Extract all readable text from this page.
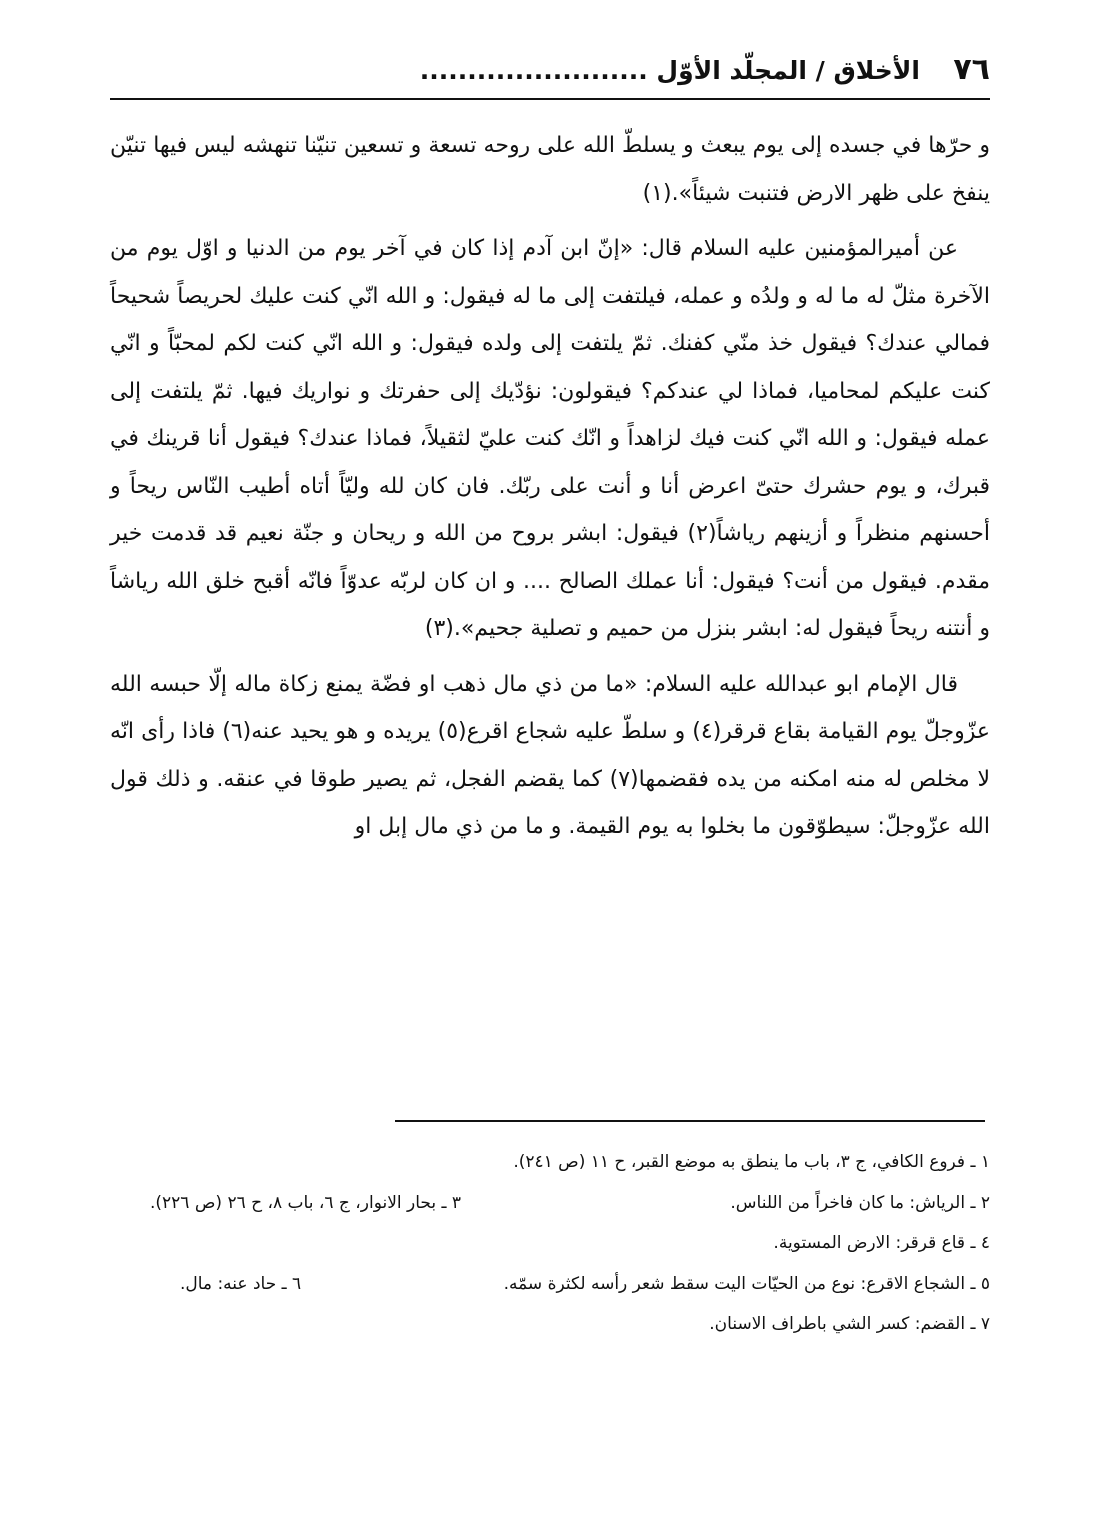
٧٦
الأخلاق / المجلّد الأوّل ........................

و حرّها في جسده إلى يوم يبعث و يسلطّ الله على روحه تسعة و تسعين تنيّنا تنهشه ليس فيها تنيّن ينفخ على ظهر الارض فتنبت شيئاً».(١)

عن أميرالمؤمنين عليه السلام قال: «إنّ ابن آدم إذا كان في آخر يوم من الدنيا و اوّل يوم من الآخرة مثلّ له ما له و ولدُه و عمله، فيلتفت إلى ما له فيقول: و الله انّي كنت عليك لحريصاً شحيحاً فمالي عندك؟ فيقول خذ منّي كفنك. ثمّ يلتفت إلى ولده فيقول: و الله انّي كنت لكم لمحبّاً و انّي كنت عليكم لمحاميا، فماذا لي عندكم؟ فيقولون: نؤدّيك إلى حفرتك و نواريك فيها. ثمّ يلتفت إلى عمله فيقول: و الله انّي كنت فيك لزاهداً و انّك كنت عليّ لثقيلاً، فماذا عندك؟ فيقول أنا قرينك في قبرك، و يوم حشرك حتىّ اعرض أنا و أنت على ربّك. فان كان لله وليّاً أتاه أطيب النّاس ريحاً و أحسنهم منظراً و أزينهم رياشاً(٢) فيقول: ابشر بروح من الله و ريحان و جنّة نعيم قد قدمت خير مقدم. فيقول من أنت؟ فيقول: أنا عملك الصالح .... و ان كان لربّه عدوّاً فانّه أقبح خلق الله رياشاً و أنتنه ريحاً فيقول له: ابشر بنزل من حميم و تصلية جحيم».(٣)

قال الإمام ابو عبدالله عليه السلام: «ما من ذي مال ذهب او فضّة يمنع زكاة ماله إلّا حبسه الله عزّوجلّ يوم القيامة بقاع قرقر(٤) و سلطّ عليه شجاع اقرع(٥) يريده و هو يحيد عنه(٦) فاذا رأى انّه لا مخلص له منه امكنه من يده فقضمها(٧) كما يقضم الفجل، ثم يصير طوقا في عنقه. و ذلك قول الله عزّوجلّ: سيطوّقون ما بخلوا به يوم القيمة. و ما من ذي مال إبل او

١ ـ فروع الكافي، ج ٣، باب ما ينطق به موضع القبر، ح ١١ (ص ٢٤١).
٢ ـ الرياش: ما كان فاخراً من اللناس.
٣ ـ بحار الانوار، ج ٦، باب ٨، ح ٢٦ (ص ٢٢٦).
٤ ـ قاع قرقر: الارض المستوية.
٥ ـ الشجاع الاقرع: نوع من الحيّات اليت سقط شعر رأسه لكثرة سمّه.
٦ ـ حاد عنه: مال.
٧ ـ القضم: كسر الشي باطراف الاسنان.
